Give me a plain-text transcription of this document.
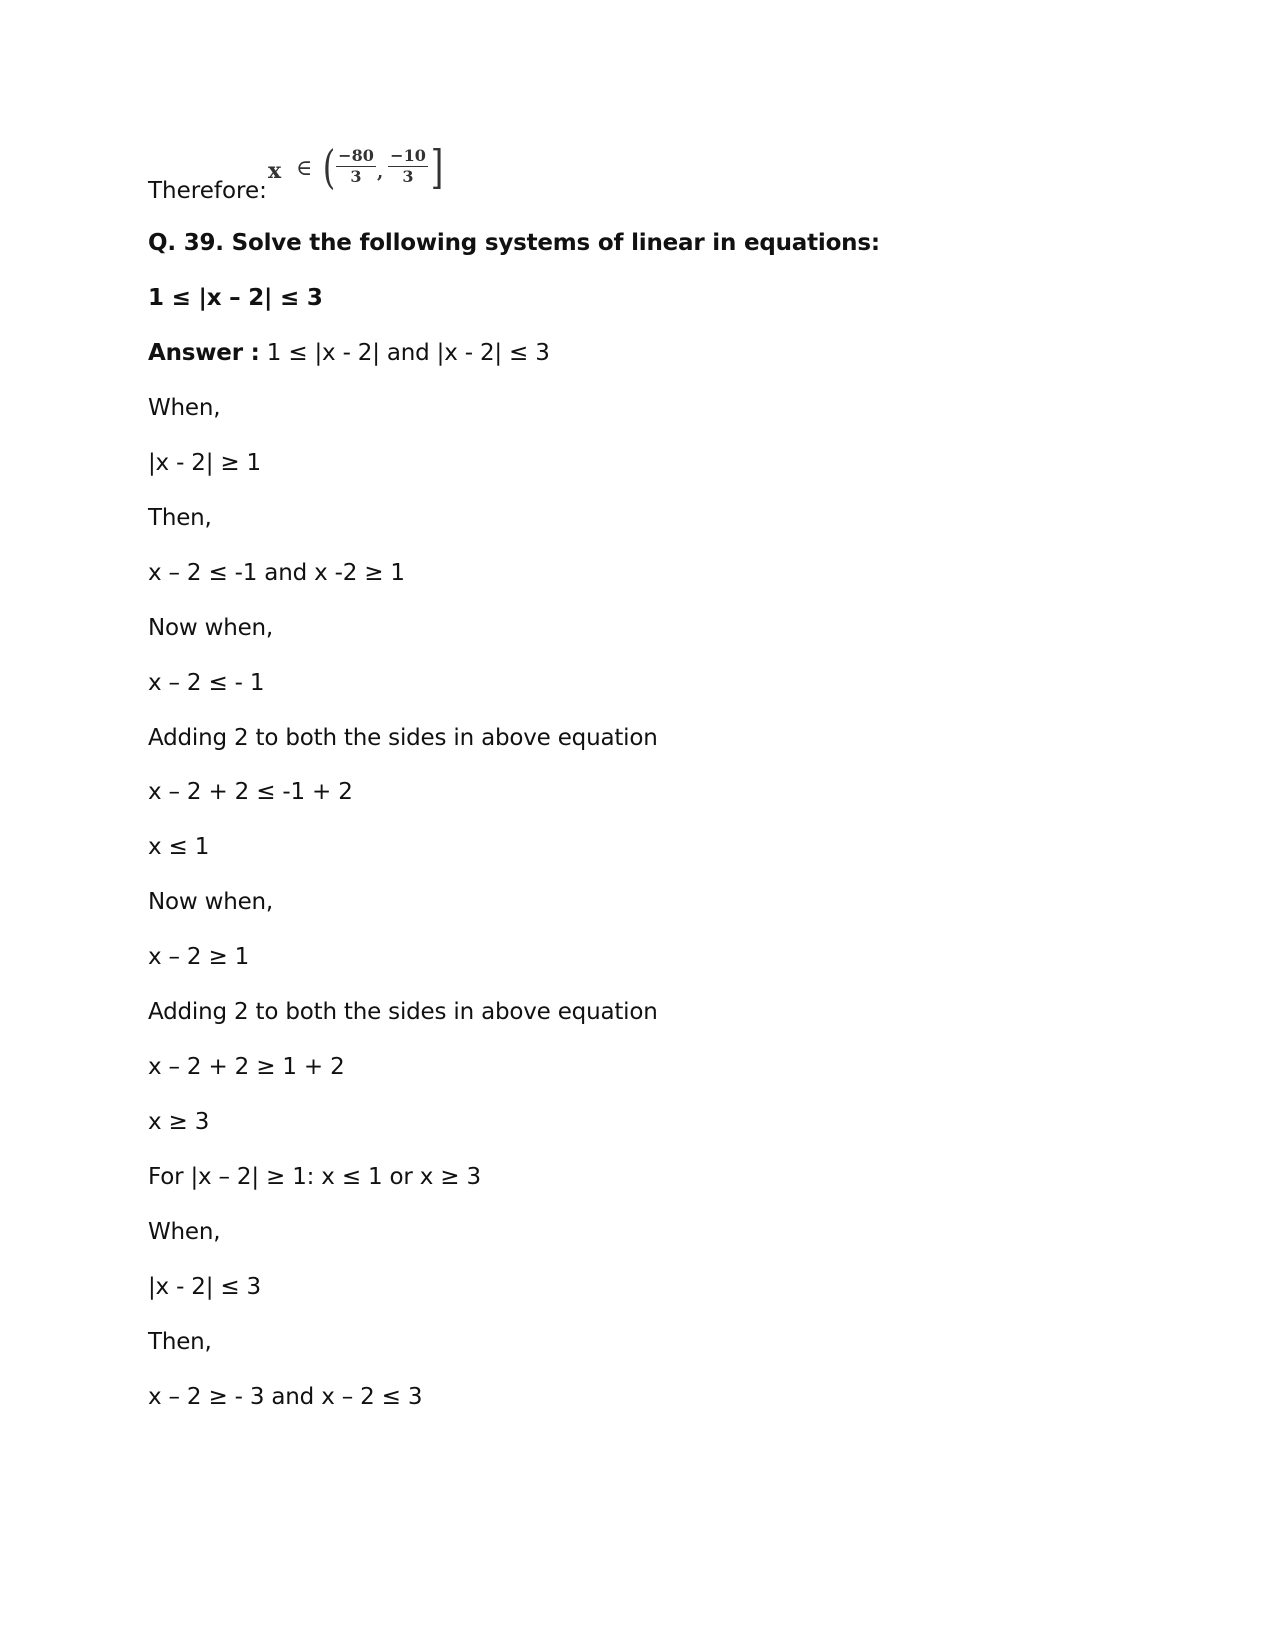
Therefore:
x ∈ ( $\frac{-80}{3}$ , $\frac{-10}{3}$ ]
Q. 39. Solve the following systems of linear in equations:
1 ≤ |x – 2| ≤ 3
Answer : 1 ≤ |x - 2| and |x - 2| ≤ 3
When,
|x - 2| ≥ 1
Then,
x – 2 ≤ -1 and x -2 ≥ 1
Now when,
x – 2 ≤ - 1
Adding 2 to both the sides in above equation
x – 2 + 2 ≤ -1 + 2
x ≤ 1
Now when,
x – 2 ≥ 1
Adding 2 to both the sides in above equation
x – 2 + 2 ≥ 1 + 2
x ≥ 3
For |x – 2| ≥ 1: x ≤ 1 or x ≥ 3
When,
|x - 2| ≤ 3
Then,
x – 2 ≥ - 3 and x – 2 ≤ 3
